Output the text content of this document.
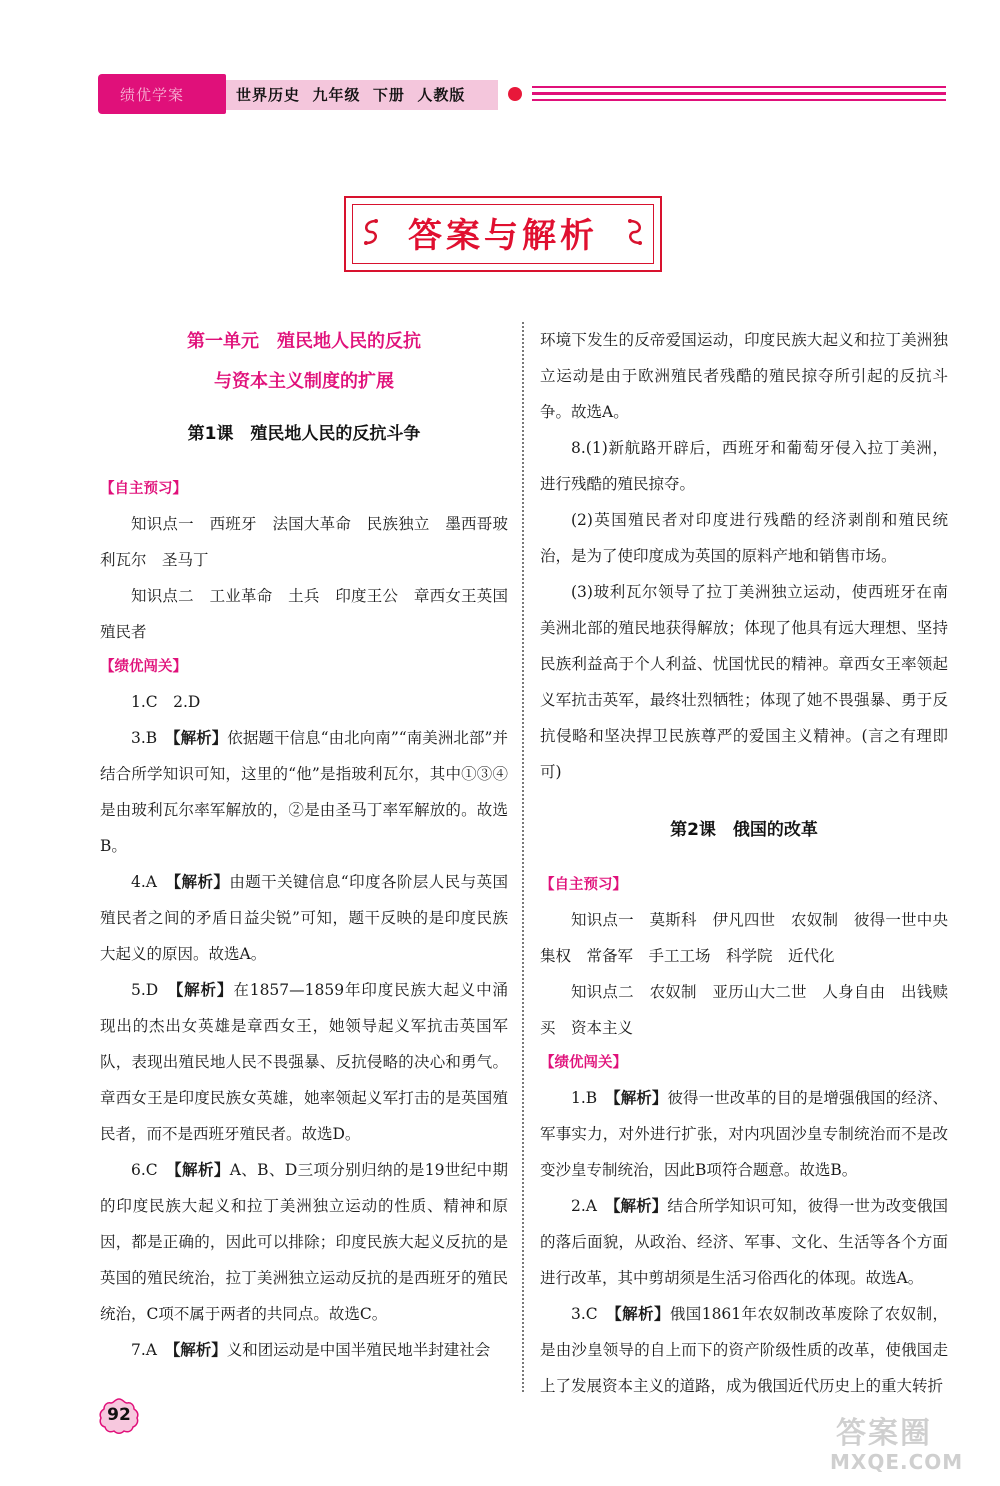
绩优学案	世界历史  九年级  下册  人教版
答案与解析
第一单元　殖民地人民的反抗
与资本主义制度的扩展
第1课　殖民地人民的反抗斗争
【自主预习】

知识点一　西班牙　法国大革命　民族独立　墨西哥玻利瓦尔　圣马丁

知识点二　工业革命　土兵　印度王公　章西女王英国殖民者

【绩优闯关】

1.C　2.D

3.B　【解析】依据题干信息“由北向南”“南美洲北部”并结合所学知识可知，这里的“他”是指玻利瓦尔，其中①③④是由玻利瓦尔率军解放的，②是由圣马丁率军解放的。故选B。

4.A　【解析】由题干关键信息“印度各阶层人民与英国殖民者之间的矛盾日益尖锐”可知，题干反映的是印度民族大起义的原因。故选A。

5.D　【解析】在1857—1859年印度民族大起义中涌现出的杰出女英雄是章西女王，她领导起义军抗击英国军队，表现出殖民地人民不畏强暴、反抗侵略的决心和勇气。章西女王是印度民族女英雄，她率领起义军打击的是英国殖民者，而不是西班牙殖民者。故选D。

6.C　【解析】A、B、D三项分别归纳的是19世纪中期的印度民族大起义和拉丁美洲独立运动的性质、精神和原因，都是正确的，因此可以排除；印度民族大起义反抗的是英国的殖民统治，拉丁美洲独立运动反抗的是西班牙的殖民统治，C项不属于两者的共同点。故选C。

7.A　【解析】义和团运动是中国半殖民地半封建社会

环境下发生的反帝爱国运动，印度民族大起义和拉丁美洲独立运动是由于欧洲殖民者残酷的殖民掠夺所引起的反抗斗争。故选A。

8.(1)新航路开辟后，西班牙和葡萄牙侵入拉丁美洲，进行残酷的殖民掠夺。

(2)英国殖民者对印度进行残酷的经济剥削和殖民统治，是为了使印度成为英国的原料产地和销售市场。

(3)玻利瓦尔领导了拉丁美洲独立运动，使西班牙在南美洲北部的殖民地获得解放；体现了他具有远大理想、坚持民族利益高于个人利益、忧国忧民的精神。章西女王率领起义军抗击英军，最终壮烈牺牲；体现了她不畏强暴、勇于反抗侵略和坚决捍卫民族尊严的爱国主义精神。(言之有理即可)

第2课　俄国的改革
【自主预习】

知识点一　莫斯科　伊凡四世　农奴制　彼得一世中央集权　常备军　手工工场　科学院　近代化

知识点二　农奴制　亚历山大二世　人身自由　出钱赎买　资本主义

【绩优闯关】

1.B　【解析】彼得一世改革的目的是增强俄国的经济、军事实力，对外进行扩张，对内巩固沙皇专制统治而不是改变沙皇专制统治，因此B项符合题意。故选B。

2.A　【解析】结合所学知识可知，彼得一世为改变俄国的落后面貌，从政治、经济、军事、文化、生活等各个方面进行改革，其中剪胡须是生活习俗西化的体现。故选A。

3.C　【解析】俄国1861年农奴制改革废除了农奴制，是由沙皇领导的自上而下的资产阶级性质的改革，使俄国走上了发展资本主义的道路，成为俄国近代历史上的重大转折

92
答案圈
MXQE.COM
